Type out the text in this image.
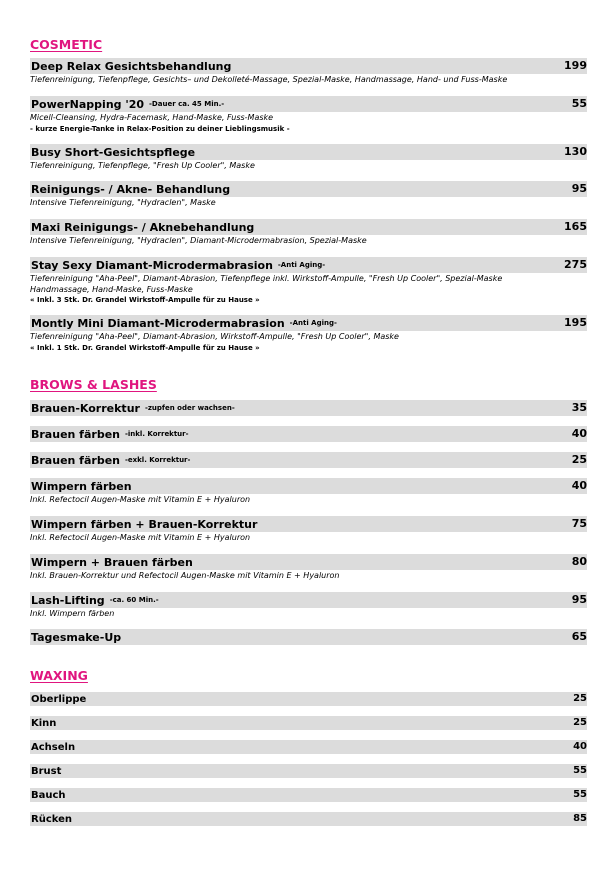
COSMETIC
BROWS & LASHES
WAXING
Deep Relax Gesichtsbehandlung	199
Tiefenreinigung, Tiefenpflege, Gesichts– und Dekolleté-Massage, Spezial-Maske, Handmassage, Hand- und Fuss-Maske
PowerNapping '20 -Dauer ca. 45 Min.-	55
Micell-Cleansing, Hydra-Facemask, Hand-Maske, Fuss-Maske
- kurze Energie-Tanke in Relax-Position zu deiner Lieblingsmusik -
Busy Short-Gesichtspflege	130
Tiefenreinigung, Tiefenpflege, "Fresh Up Cooler", Maske
Reinigungs- / Akne- Behandlung	95
Intensive Tiefenreinigung, "Hydraclen", Maske
Maxi Reinigungs- / Aknebehandlung	165
Intensive Tiefenreinigung, "Hydraclen", Diamant-Microdermabrasion, Spezial-Maske
Stay Sexy Diamant-Microdermabrasion -Anti Aging-	275
Tiefenreinigung "Aha-Peel", Diamant-Abrasion, Tiefenpflege inkl. Wirkstoff-Ampulle, "Fresh Up Cooler", Spezial-Maske
Handmassage, Hand-Maske, Fuss-Maske
« Inkl. 3 Stk. Dr. Grandel Wirkstoff-Ampulle für zu Hause »
Montly Mini Diamant-Microdermabrasion -Anti Aging-	195
Tiefenreinigung "Aha-Peel", Diamant-Abrasion, Wirkstoff-Ampulle, "Fresh Up Cooler", Maske
« Inkl. 1 Stk. Dr. Grandel Wirkstoff-Ampulle für zu Hause »
Brauen-Korrektur -zupfen oder wachsen-	35
Brauen färben -inkl. Korrektur-	40
Brauen färben -exkl. Korrektur-	25
Wimpern färben	40
Inkl. Refectocil Augen-Maske mit Vitamin E + Hyaluron
Wimpern färben + Brauen-Korrektur	75
Inkl. Refectocil Augen-Maske mit Vitamin E + Hyaluron
Wimpern + Brauen färben	80
Inkl. Brauen-Korrektur und Refectocil Augen-Maske mit Vitamin E + Hyaluron
Lash-Lifting -ca. 60 Min.-	95
Inkl. Wimpern färben
Tagesmake-Up	65
Oberlippe	25
Kinn	25
Achseln	40
Brust	55
Bauch	55
Rücken	85
